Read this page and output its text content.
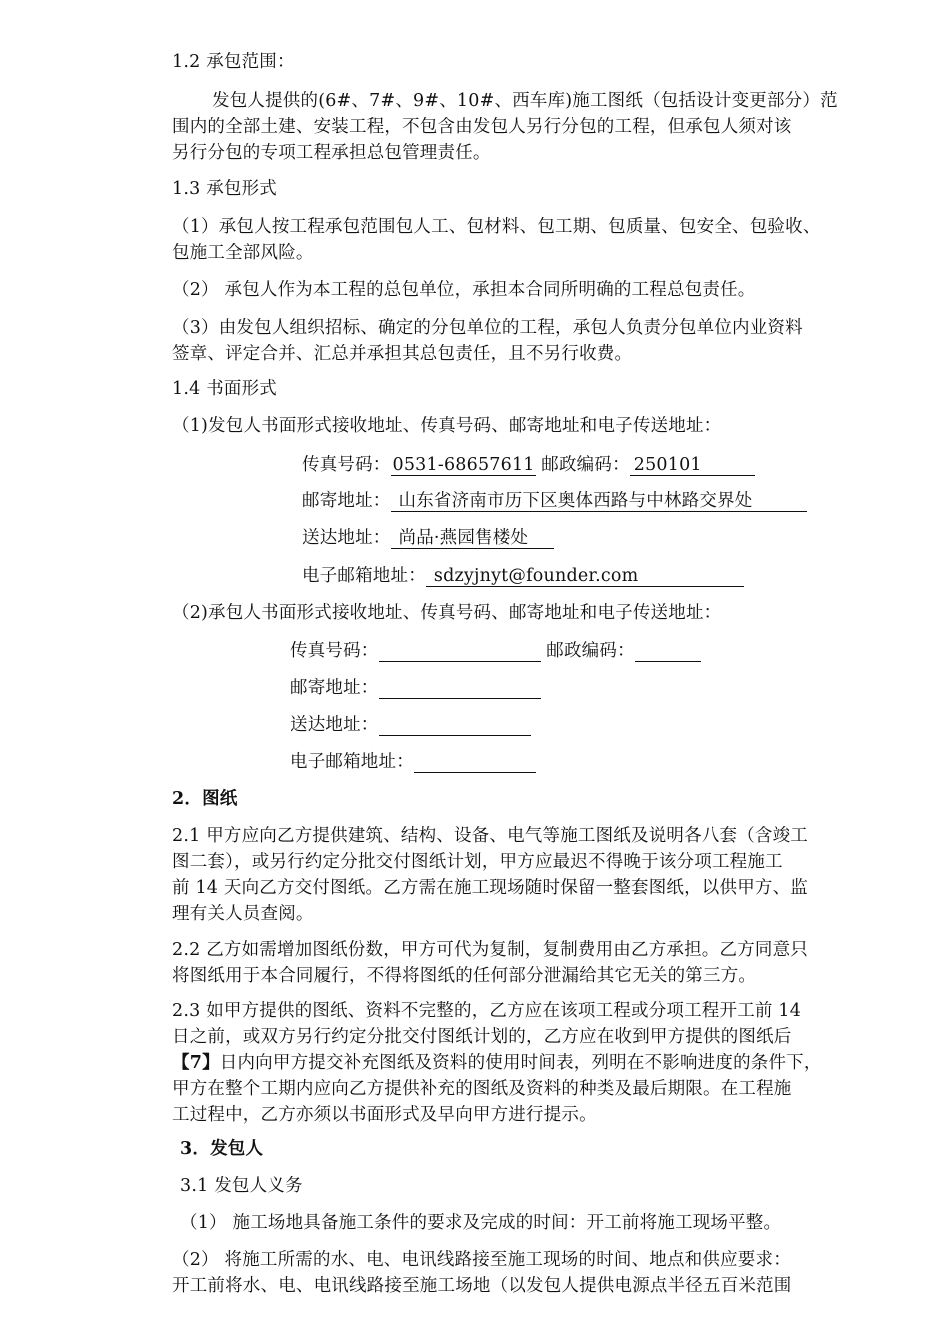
1.2 承包范围：

发包人提供的(6#、7#、9#、10#、西车库)施工图纸（包括设计变更部分）范

围内的全部土建、安装工程，不包含由发包人另行分包的工程，但承包人须对该

另行分包的专项工程承担总包管理责任。

1.3 承包形式

（1）承包人按工程承包范围包人工、包材料、包工期、包质量、包安全、包验收、

包施工全部风险。

（2） 承包人作为本工程的总包单位，承担本合同所明确的工程总包责任。

（3）由发包人组织招标、确定的分包单位的工程，承包人负责分包单位内业资料

签章、评定合并、汇总并承担其总包责任，且不另行收费。

1.4 书面形式

（1)发包人书面形式接收地址、传真号码、邮寄地址和电子传送地址：

传真号码： 0531-68657611 邮政编码： 250101

邮寄地址： 山东省济南市历下区奥体西路与中林路交界处

送达地址： 尚品·燕园售楼处

电子邮箱地址： sdzyjnyt@founder.com

（2)承包人书面形式接收地址、传真号码、邮寄地址和电子传送地址：

传真号码：	邮政编码：

邮寄地址：

送达地址：

电子邮箱地址：

2．图纸

2.1 甲方应向乙方提供建筑、结构、设备、电气等施工图纸及说明各八套（含竣工

图二套），或另行约定分批交付图纸计划，甲方应最迟不得晚于该分项工程施工

前 14 天向乙方交付图纸。乙方需在施工现场随时保留一整套图纸，以供甲方、监

理有关人员查阅。

2.2 乙方如需增加图纸份数，甲方可代为复制，复制费用由乙方承担。乙方同意只

将图纸用于本合同履行，不得将图纸的任何部分泄漏给其它无关的第三方。

2.3 如甲方提供的图纸、资料不完整的，乙方应在该项工程或分项工程开工前 14

日之前，或双方另行约定分批交付图纸计划的，乙方应在收到甲方提供的图纸后

【7】日内向甲方提交补充图纸及资料的使用时间表，列明在不影响进度的条件下，

甲方在整个工期内应向乙方提供补充的图纸及资料的种类及最后期限。在工程施

工过程中，乙方亦须以书面形式及早向甲方进行提示。

3．发包人

3.1 发包人义务

（1） 施工场地具备施工条件的要求及完成的时间：开工前将施工现场平整。

（2） 将施工所需的水、电、电讯线路接至施工现场的时间、地点和供应要求：

开工前将水、电、电讯线路接至施工场地（以发包人提供电源点半径五百米范围
